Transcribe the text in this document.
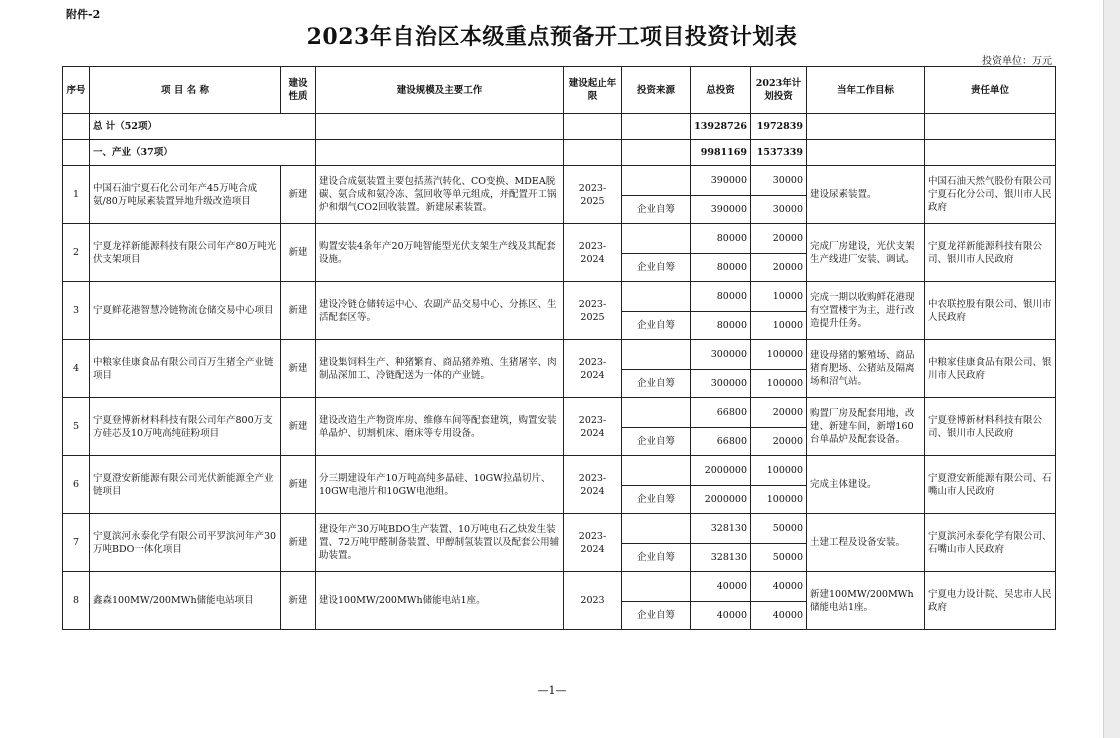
附件-2
2023年自治区本级重点预备开工项目投资计划表
投资单位：万元
序号	项 目 名 称	建设性质	建设规模及主要工作	建设起止年限	投资来源	总投资	2023年计划投资	当年工作目标	责任单位
	总 计（52项）					13928726	1972839		
	一、产业（37项）					9981169	1537339		
1	中国石油宁夏石化公司年产45万吨合成氨/80万吨尿素装置异地升级改造项目	新建	建设合成氨装置主要包括蒸汽转化、CO变换、MDEA脱碳、氨合成和氨冷冻、氢回收等单元组成，并配置开工锅炉和烟气CO2回收装置。新建尿素装置。	2023-2025		390000	30000	建设尿素装置。	中国石油天然气股份有限公司宁夏石化分公司、银川市人民政府
					企业自筹	390000	30000		
2	宁夏龙祥新能源科技有限公司年产80万吨光伏支架项目	新建	购置安装4条年产20万吨智能型光伏支架生产线及其配套设施。	2023-2024		80000	20000	完成厂房建设，光伏支架生产线进厂安装、调试。	宁夏龙祥新能源科技有限公司、银川市人民政府
					企业自筹	80000	20000		
3	宁夏鲜花港智慧冷链物流仓储交易中心项目	新建	建设冷链仓储转运中心、农副产品交易中心、分拣区、生活配套区等。	2023-2025		80000	10000	完成一期以收购鲜花港现有空置楼宇为主，进行改造提升任务。	中农联控股有限公司、银川市人民政府
					企业自筹	80000	10000		
4	中粮家佳康食品有限公司百万生猪全产业链项目	新建	建设集饲料生产、种猪繁育、商品猪养殖、生猪屠宰、肉制品深加工、冷链配送为一体的产业链。	2023-2024		300000	100000	建设母猪的繁殖场、商品猪育肥场、公猪站及隔离场和沼气站。	中粮家佳康食品有限公司、银川市人民政府
					企业自筹	300000	100000		
5	宁夏登博新材料科技有限公司年产800万支方硅芯及10万吨高纯硅粉项目	新建	建设改造生产物资库房、维修车间等配套建筑，购置安装单晶炉、切割机床、磨床等专用设备。	2023-2024		66800	20000	购置厂房及配套用地，改建、新建车间，新增160台单晶炉及配套设备。	宁夏登博新材料科技有限公司、银川市人民政府
					企业自筹	66800	20000		
6	宁夏澄安新能源有限公司光伏新能源全产业链项目	新建	分三期建设年产10万吨高纯多晶硅、10GW拉晶切片、10GW电池片和10GW电池组。	2023-2024		2000000	100000	完成主体建设。	宁夏澄安新能源有限公司、石嘴山市人民政府
					企业自筹	2000000	100000		
7	宁夏滨河永泰化学有限公司平罗滨河年产30万吨BDO一体化项目	新建	建设年产30万吨BDO生产装置、10万吨电石乙炔发生装置、72万吨甲醛制备装置、甲醇制氢装置以及配套公用辅助装置。	2023-2024		328130	50000	土建工程及设备安装。	宁夏滨河永泰化学有限公司、石嘴山市人民政府
					企业自筹	328130	50000		
8	鑫森100MW/200MWh储能电站项目	新建	建设100MW/200MWh储能电站1座。	2023		40000	40000	新建100MW/200MWh储能电站1座。	宁夏电力设计院、吴忠市人民政府
					企业自筹	40000	40000		
—1—
